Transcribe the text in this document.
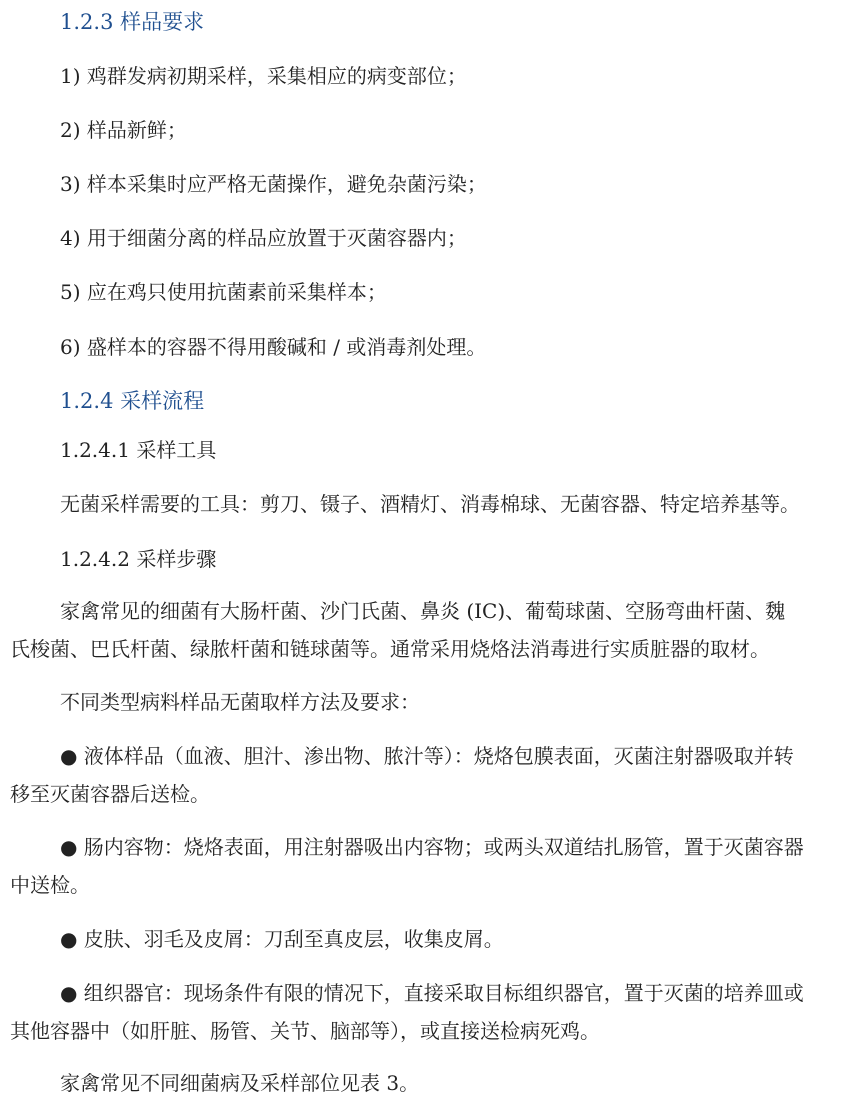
1.2.3 样品要求
1) 鸡群发病初期采样，采集相应的病变部位；
2) 样品新鲜；
3) 样本采集时应严格无菌操作，避免杂菌污染；
4) 用于细菌分离的样品应放置于灭菌容器内；
5) 应在鸡只使用抗菌素前采集样本；
6) 盛样本的容器不得用酸碱和 / 或消毒剂处理。
1.2.4 采样流程
1.2.4.1 采样工具
无菌采样需要的工具：剪刀、镊子、酒精灯、消毒棉球、无菌容器、特定培养基等。
1.2.4.2 采样步骤
家禽常见的细菌有大肠杆菌、沙门氏菌、鼻炎 (IC)、葡萄球菌、空肠弯曲杆菌、魏
氏梭菌、巴氏杆菌、绿脓杆菌和链球菌等。通常采用烧烙法消毒进行实质脏器的取材。
不同类型病料样品无菌取样方法及要求：
● 液体样品（血液、胆汁、渗出物、脓汁等）：烧烙包膜表面，灭菌注射器吸取并转
移至灭菌容器后送检。
● 肠内容物：烧烙表面，用注射器吸出内容物；或两头双道结扎肠管，置于灭菌容器
中送检。
● 皮肤、羽毛及皮屑：刀刮至真皮层，收集皮屑。
● 组织器官：现场条件有限的情况下，直接采取目标组织器官，置于灭菌的培养皿或
其他容器中（如肝脏、肠管、关节、脑部等），或直接送检病死鸡。
家禽常见不同细菌病及采样部位见表 3。
